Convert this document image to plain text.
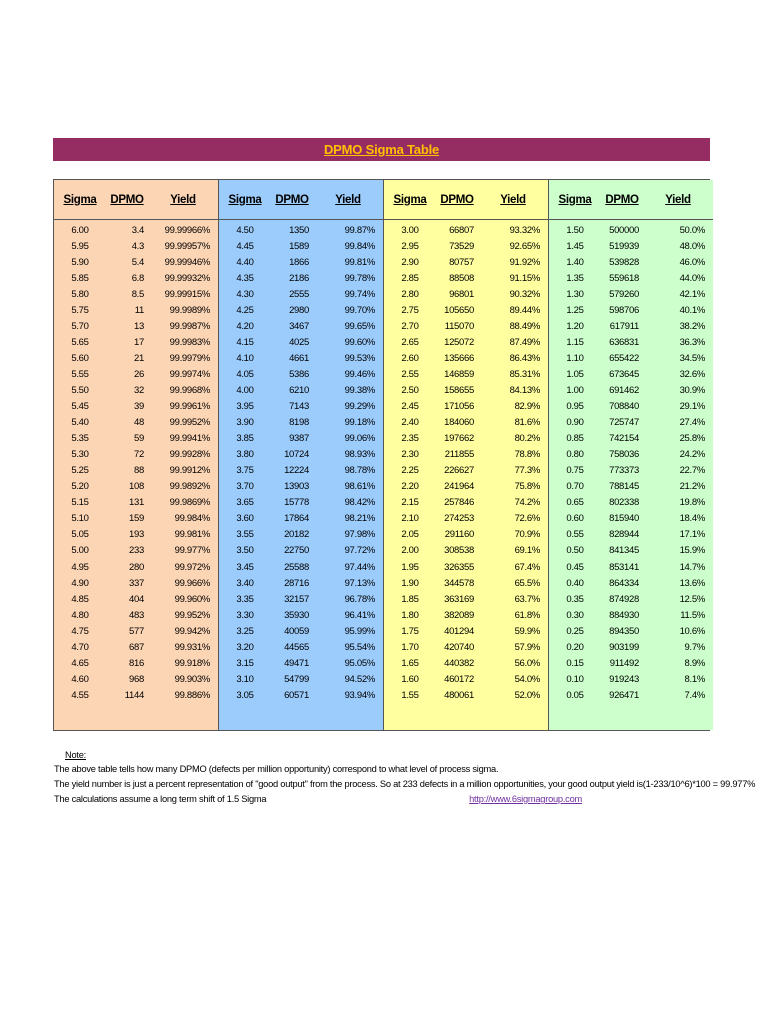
DPMO Sigma Table
Sigma	DPMO	Yield
6.00	3.4	99.99966%
5.95	4.3	99.99957%
5.90	5.4	99.99946%
5.85	6.8	99.99932%
5.80	8.5	99.99915%
5.75	11	99.9989%
5.70	13	99.9987%
5.65	17	99.9983%
5.60	21	99.9979%
5.55	26	99.9974%
5.50	32	99.9968%
5.45	39	99.9961%
5.40	48	99.9952%
5.35	59	99.9941%
5.30	72	99.9928%
5.25	88	99.9912%
5.20	108	99.9892%
5.15	131	99.9869%
5.10	159	99.984%
5.05	193	99.981%
5.00	233	99.977%
4.95	280	99.972%
4.90	337	99.966%
4.85	404	99.960%
4.80	483	99.952%
4.75	577	99.942%
4.70	687	99.931%
4.65	816	99.918%
4.60	968	99.903%
4.55	1144	99.886%
Sigma	DPMO	Yield
4.50	1350	99.87%
4.45	1589	99.84%
4.40	1866	99.81%
4.35	2186	99.78%
4.30	2555	99.74%
4.25	2980	99.70%
4.20	3467	99.65%
4.15	4025	99.60%
4.10	4661	99.53%
4.05	5386	99.46%
4.00	6210	99.38%
3.95	7143	99.29%
3.90	8198	99.18%
3.85	9387	99.06%
3.80	10724	98.93%
3.75	12224	98.78%
3.70	13903	98.61%
3.65	15778	98.42%
3.60	17864	98.21%
3.55	20182	97.98%
3.50	22750	97.72%
3.45	25588	97.44%
3.40	28716	97.13%
3.35	32157	96.78%
3.30	35930	96.41%
3.25	40059	95.99%
3.20	44565	95.54%
3.15	49471	95.05%
3.10	54799	94.52%
3.05	60571	93.94%
Sigma	DPMO	Yield
3.00	66807	93.32%
2.95	73529	92.65%
2.90	80757	91.92%
2.85	88508	91.15%
2.80	96801	90.32%
2.75	105650	89.44%
2.70	115070	88.49%
2.65	125072	87.49%
2.60	135666	86.43%
2.55	146859	85.31%
2.50	158655	84.13%
2.45	171056	82.9%
2.40	184060	81.6%
2.35	197662	80.2%
2.30	211855	78.8%
2.25	226627	77.3%
2.20	241964	75.8%
2.15	257846	74.2%
2.10	274253	72.6%
2.05	291160	70.9%
2.00	308538	69.1%
1.95	326355	67.4%
1.90	344578	65.5%
1.85	363169	63.7%
1.80	382089	61.8%
1.75	401294	59.9%
1.70	420740	57.9%
1.65	440382	56.0%
1.60	460172	54.0%
1.55	480061	52.0%
Sigma	DPMO	Yield
1.50	500000	50.0%
1.45	519939	48.0%
1.40	539828	46.0%
1.35	559618	44.0%
1.30	579260	42.1%
1.25	598706	40.1%
1.20	617911	38.2%
1.15	636831	36.3%
1.10	655422	34.5%
1.05	673645	32.6%
1.00	691462	30.9%
0.95	708840	29.1%
0.90	725747	27.4%
0.85	742154	25.8%
0.80	758036	24.2%
0.75	773373	22.7%
0.70	788145	21.2%
0.65	802338	19.8%
0.60	815940	18.4%
0.55	828944	17.1%
0.50	841345	15.9%
0.45	853141	14.7%
0.40	864334	13.6%
0.35	874928	12.5%
0.30	884930	11.5%
0.25	894350	10.6%
0.20	903199	9.7%
0.15	911492	8.9%
0.10	919243	8.1%
0.05	926471	7.4%
Note:
The above table tells how many DPMO (defects per million opportunity) correspond to what level of process sigma.
The yield number is just a percent representation of "good output" from the process. So at 233 defects in a million opportunities, your good output yield is(1-233/10^6)*100 = 99.977%
The calculations assume a long term shift of 1.5 Sigma	http://www.6sigmagroup.com
